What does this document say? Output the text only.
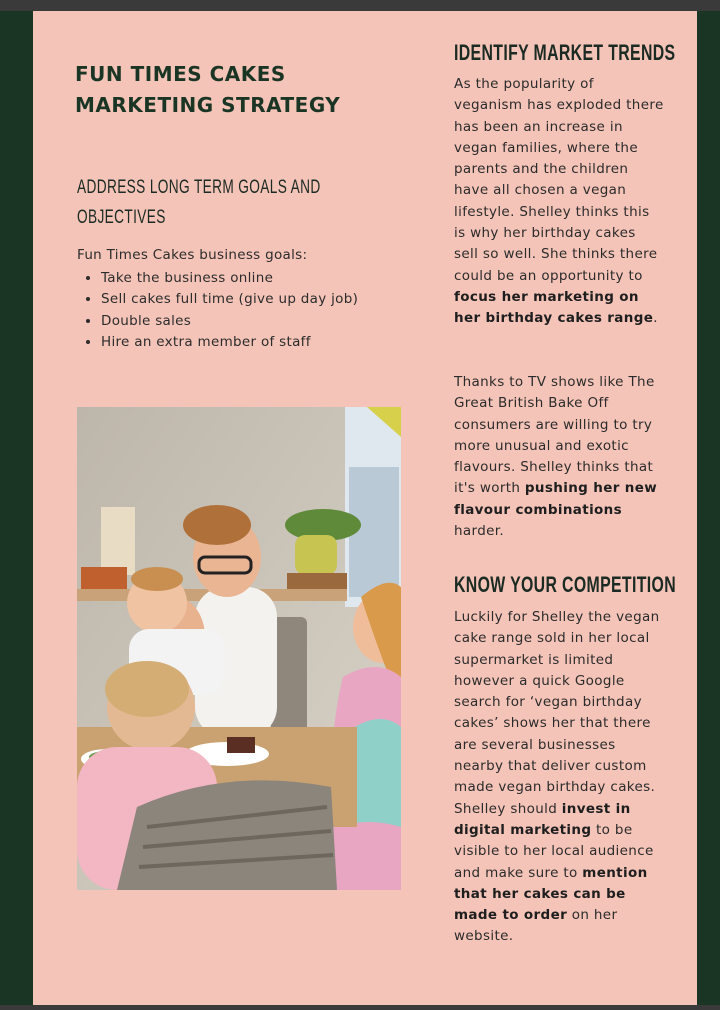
FUN TIMES CAKES
MARKETING STRATEGY
ADDRESS LONG TERM GOALS AND
OBJECTIVES

Fun Times Cakes business goals:

• Take the business online
• Sell cakes full time (give up day job)
• Double sales
• Hire an extra member of staff
IDENTIFY MARKET TRENDS

As the popularity of veganism has exploded there has been an increase in vegan families, where the parents and the children have all chosen a vegan lifestyle. Shelley thinks this is why her birthday cakes sell so well. She thinks there could be an opportunity to focus her marketing on her birthday cakes range.

Thanks to TV shows like The Great British Bake Off consumers are willing to try more unusual and exotic flavours. Shelley thinks that it's worth pushing her new flavour combinations harder.

KNOW YOUR COMPETITION

Luckily for Shelley the vegan cake range sold in her local supermarket is limited however a quick Google search for ‘vegan birthday cakes’ shows her that there are several businesses nearby that deliver custom made vegan birthday cakes. Shelley should invest in digital marketing to be visible to her local audience and make sure to mention that her cakes can be made to order on her website.
